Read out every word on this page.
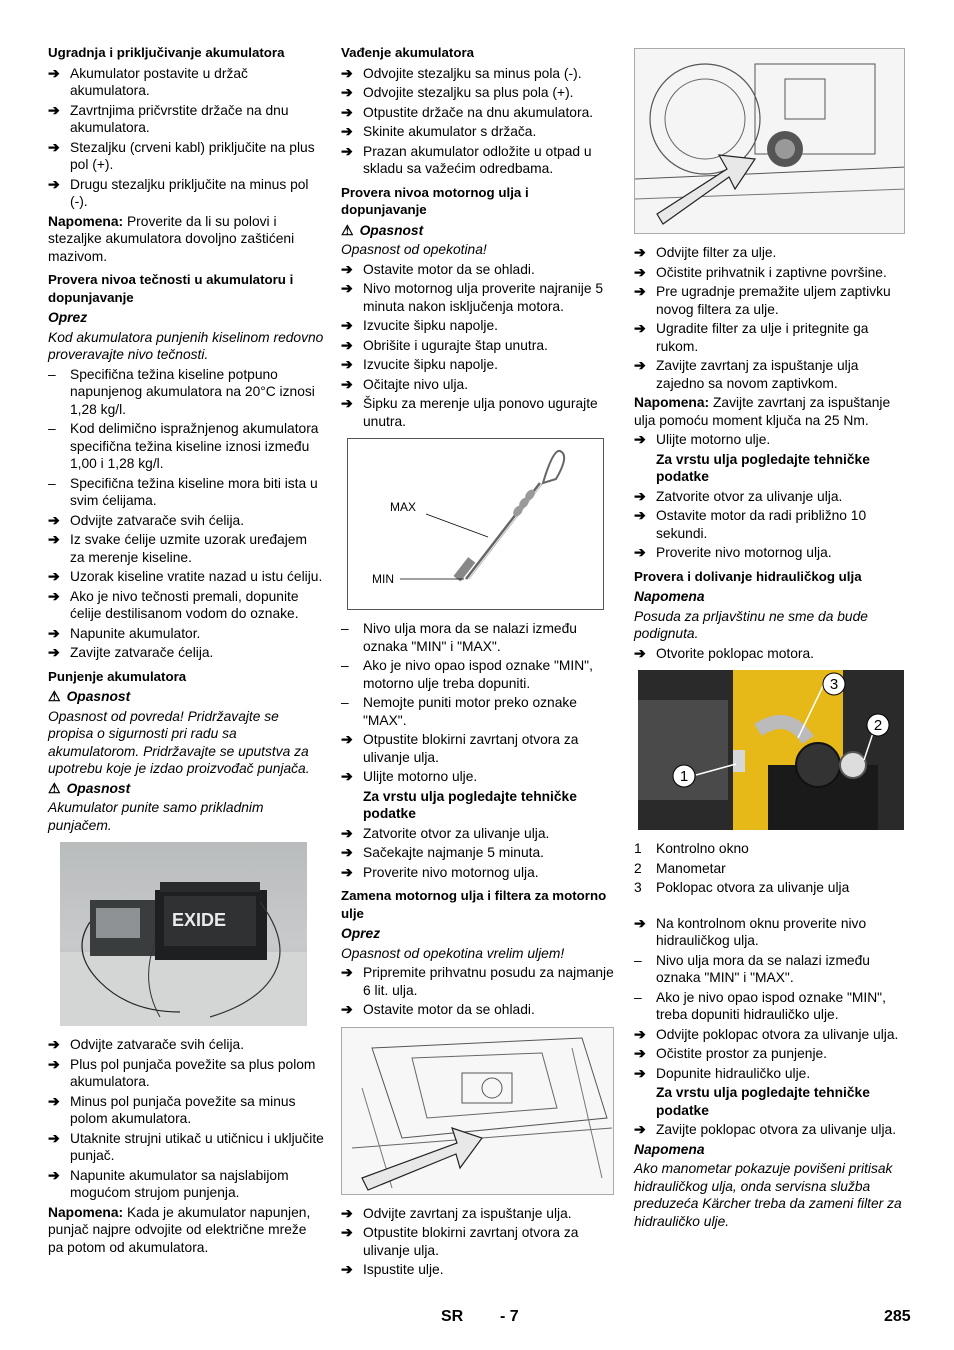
Ugradnja i priključivanje akumulatora
➔ Akumulator postavite u držač akumulatora.
➔ Zavrtnjima pričvrstite držače na dnu akumulatora.
➔ Stezaljku (crveni kabl) priključite na plus pol (+).
➔ Drugu stezaljku priključite na minus pol (-).

Napomena: Proverite da li su polovi i stezaljke akumulatora dovoljno zaštićeni mazivom.

Provera nivoa tečnosti u akumulatoru i dopunjavanje

Oprez

Kod akumulatora punjenih kiselinom redovno proveravajte nivo tečnosti.

–	Specifična težina kiseline potpuno napunjenog akumulatora na 20°C iznosi 1,28 kg/l.
–	Kod delimično ispražnjenog akumulatora specifična težina kiseline iznosi između 1,00 i 1,28 kg/l.
–	Specifična težina kiseline mora biti ista u svim ćelijama.
➔ Odvijte zatvarače svih ćelija.
➔ Iz svake ćelije uzmite uzorak uređajem za merenje kiseline.
➔ Uzorak kiseline vratite nazad u istu ćeliju.
➔ Ako je nivo tečnosti premali, dopunite ćelije destilisanom vodom do oznake.
➔ Napunite akumulator.
➔ Zavijte zatvarače ćelija.
Punjenje akumulatora
⚠ Opasnost

Opasnost od povreda! Pridržavajte se propisa o sigurnosti pri radu sa akumulatorom. Pridržavajte se uputstva za upotrebu koje je izdao proizvođač punjača.

⚠ Opasnost

Akumulator punite samo prikladnim punjačem.

EXIDE
➔ Odvijte zatvarače svih ćelija.
➔ Plus pol punjača povežite sa plus polom akumulatora.
➔ Minus pol punjača povežite sa minus polom akumulatora.
➔ Utaknite strujni utikač u utičnicu i uključite punjač.
➔ Napunite akumulator sa najslabijom mogućom strujom punjenja.

Napomena: Kada je akumulator napunjen, punjač najpre odvojite od električne mreže pa potom od akumulatora.

Vađenje akumulatora
➔ Odvojite stezaljku sa minus pola (-).
➔ Odvojite stezaljku sa plus pola (+).
➔ Otpustite držače na dnu akumulatora.
➔ Skinite akumulator s držača.
➔ Prazan akumulator odložite u otpad u skladu sa važećim odredbama.
Provera nivoa motornog ulja i dopunjavanje
⚠ Opasnost

Opasnost od opekotina!

➔ Ostavite motor da se ohladi.
➔ Nivo motornog ulja proverite najranije 5 minuta nakon isključenja motora.
➔ Izvucite šipku napolje.
➔ Obrišite i ugurajte štap unutra.
➔ Izvucite šipku napolje.
➔ Očitajte nivo ulja.
➔ Šipku za merenje ulja ponovo ugurajte unutra.
MAX
MIN
–	Nivo ulja mora da se nalazi između oznaka "MIN" i "MAX".
–	Ako je nivo opao ispod oznake "MIN", motorno ulje treba dopuniti.
–	Nemojte puniti motor preko oznake "MAX".
➔ Otpustite blokirni zavrtanj otvora za ulivanje ulja.
➔ Ulijte motorno ulje.
Za vrstu ulja pogledajte tehničke podatke
➔ Zatvorite otvor za ulivanje ulja.
➔ Sačekajte najmanje 5 minuta.
➔ Proverite nivo motornog ulja.
Zamena motornog ulja i filtera za motorno ulje

Oprez

Opasnost od opekotina vrelim uljem!

➔ Pripremite prihvatnu posudu za najmanje 6 lit. ulja.
➔ Ostavite motor da se ohladi.
➔ Odvijte zavrtanj za ispuštanje ulja.
➔ Otpustite blokirni zavrtanj otvora za ulivanje ulja.
➔ Ispustite ulje.
➔ Odvijte filter za ulje.
➔ Očistite prihvatnik i zaptivne površine.
➔ Pre ugradnje premažite uljem zaptivku novog filtera za ulje.
➔ Ugradite filter za ulje i pritegnite ga rukom.
➔ Zavijte zavrtanj za ispuštanje ulja zajedno sa novom zaptivkom.

Napomena: Zavijte zavrtanj za ispuštanje ulja pomoću moment ključa na 25 Nm.

➔ Ulijte motorno ulje.
Za vrstu ulja pogledajte tehničke podatke
➔ Zatvorite otvor za ulivanje ulja.
➔ Ostavite motor da radi približno 10 sekundi.
➔ Proverite nivo motornog ulja.
Provera i dolivanje hidrauličkog ulja

Napomena

Posuda za prljavštinu ne sme da bude podignuta.

➔ Otvorite poklopac motora.
1
2
3
1	Kontrolno okno
2	Manometar
3	Poklopac otvora za ulivanje ulja
➔ Na kontrolnom oknu proverite nivo hidrauličkog ulja.
–	Nivo ulja mora da se nalazi između oznaka "MIN" i "MAX".
–	Ako je nivo opao ispod oznake "MIN", treba dopuniti hidrauličko ulje.
➔ Odvijte poklopac otvora za ulivanje ulja.
➔ Očistite prostor za punjenje.
➔ Dopunite hidrauličko ulje.
Za vrstu ulja pogledajte tehničke podatke
➔ Zavijte poklopac otvora za ulivanje ulja.

Napomena

Ako manometar pokazuje povišeni pritisak hidrauličkog ulja, onda servisna služba preduzeća Kärcher treba da zameni filter za hidrauličko ulje.

SR - 7	285
